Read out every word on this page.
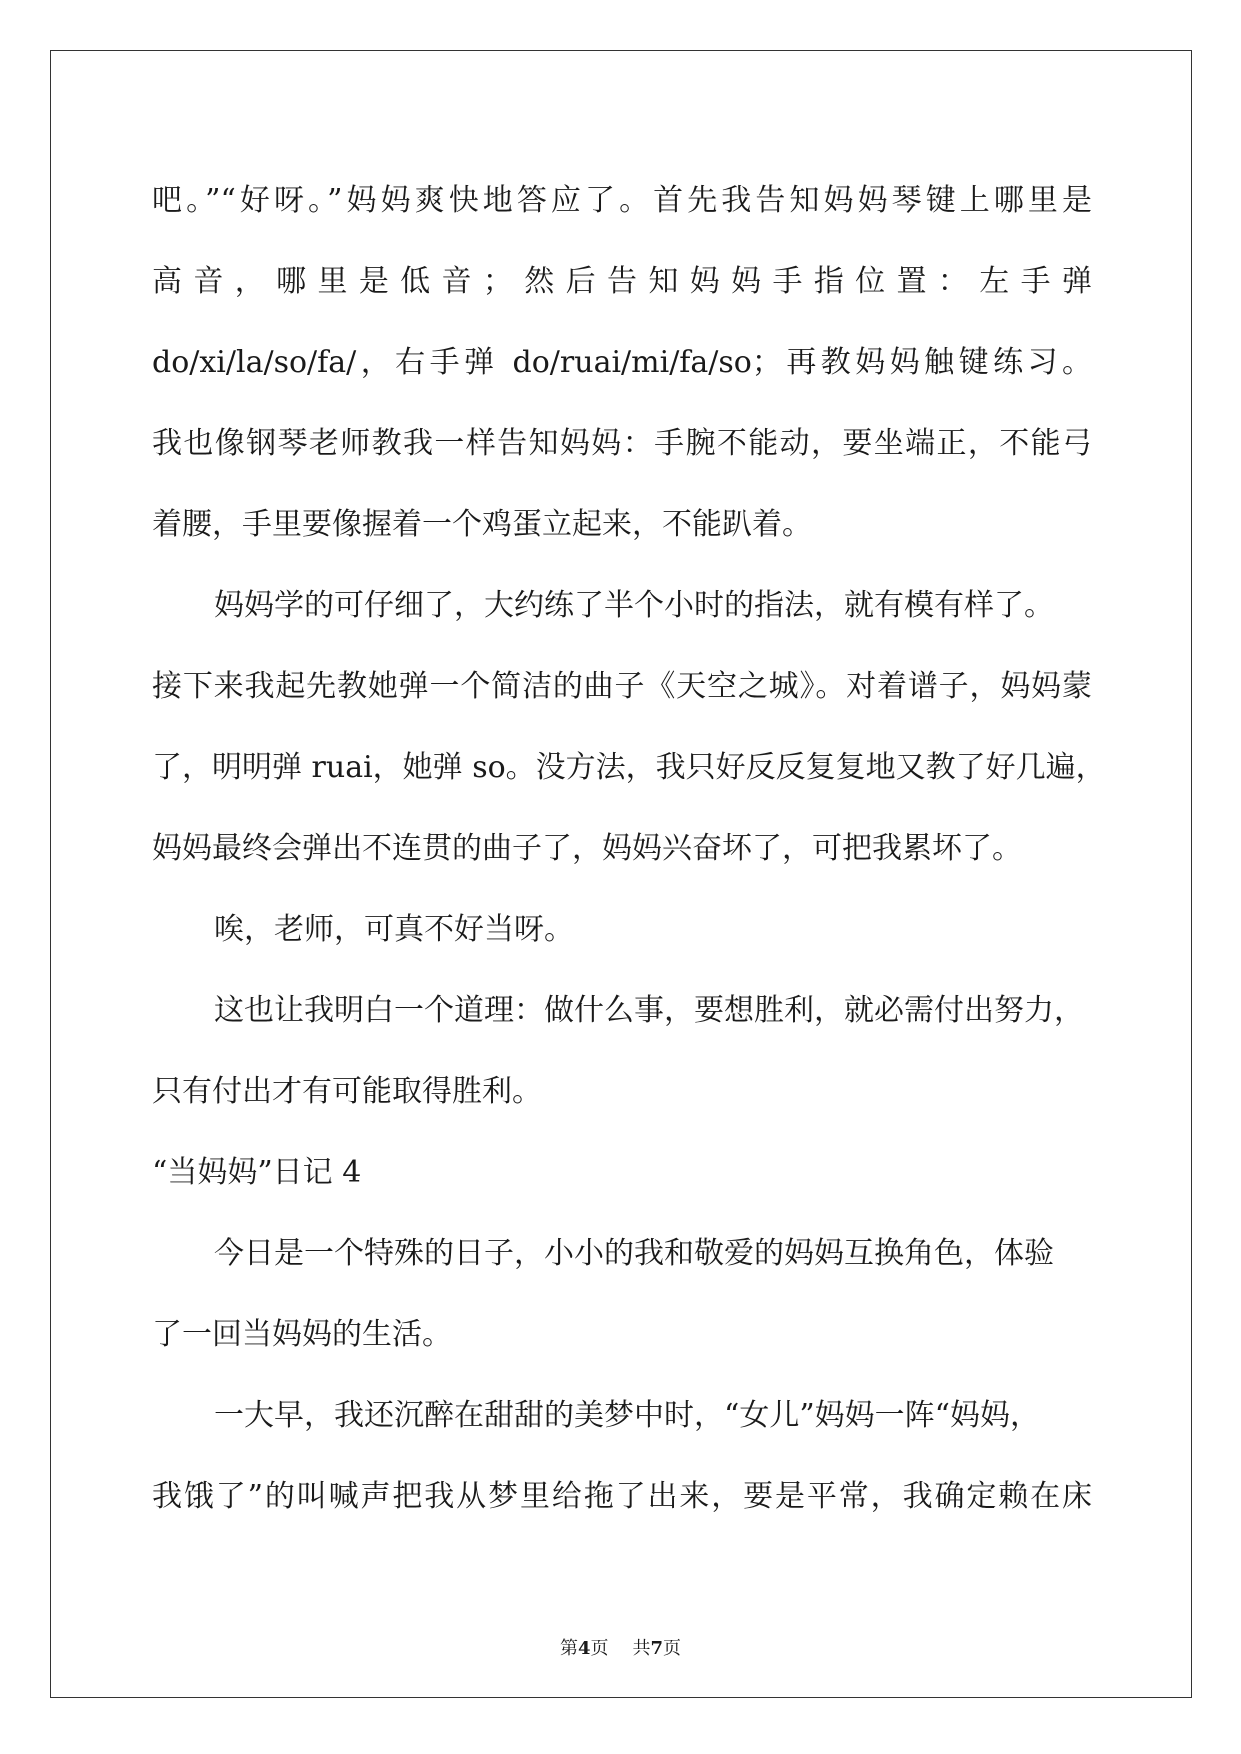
吧。”“好呀。”妈妈爽快地答应了。首先我告知妈妈琴键上哪里是
高音，哪里是低音；然后告知妈妈手指位置：左手弹
do/xi/la/so/fa/，右手弹 do/ruai/mi/fa/so；再教妈妈触键练习。
我也像钢琴老师教我一样告知妈妈：手腕不能动，要坐端正，不能弓
着腰，手里要像握着一个鸡蛋立起来，不能趴着。
妈妈学的可仔细了，大约练了半个小时的指法，就有模有样了。
接下来我起先教她弹一个简洁的曲子《天空之城》。对着谱子，妈妈蒙
了，明明弹 ruai，她弹 so。没方法，我只好反反复复地又教了好几遍，
妈妈最终会弹出不连贯的曲子了，妈妈兴奋坏了，可把我累坏了。
唉，老师，可真不好当呀。
这也让我明白一个道理：做什么事，要想胜利，就必需付出努力，
只有付出才有可能取得胜利。
“当妈妈”日记 4
今日是一个特殊的日子，小小的我和敬爱的妈妈互换角色，体验
了一回当妈妈的生活。
一大早，我还沉醉在甜甜的美梦中时，“女儿”妈妈一阵“妈妈，
我饿了”的叫喊声把我从梦里给拖了出来，要是平常，我确定赖在床
第4页 共7页
